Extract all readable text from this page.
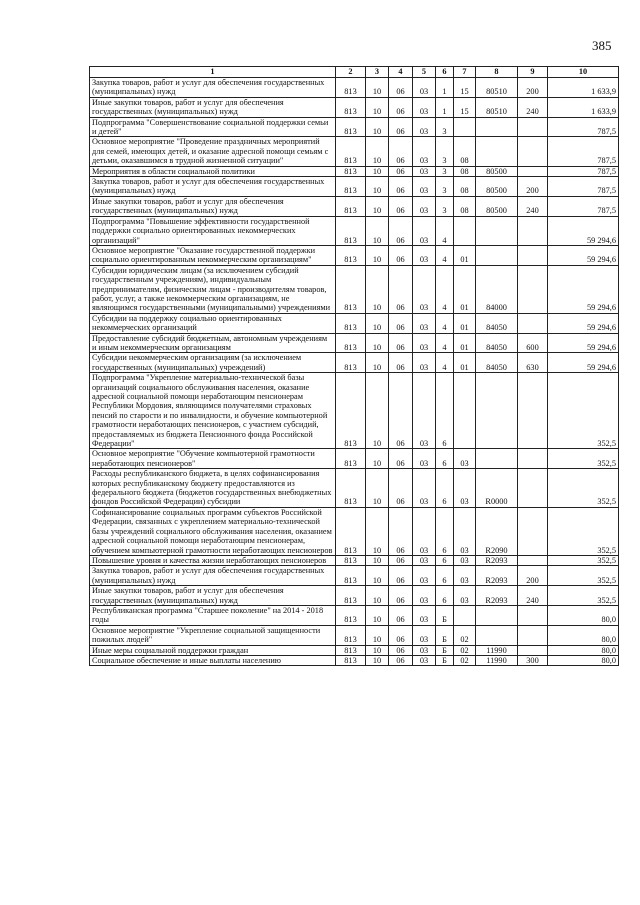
385
1	2	3	4	5	6	7	8	9	10
Закупка товаров, работ и услуг для обеспечения государственных (муниципальных) нужд	813	10	06	03	1	15	80510	200	1 633,9
Иные закупки товаров, работ и услуг для обеспечения государственных (муниципальных) нужд	813	10	06	03	1	15	80510	240	1 633,9
Подпрограмма "Совершенствование социальной поддержки семьи и детей"	813	10	06	03	3				787,5
Основное мероприятие "Проведение праздничных мероприятий для семей, имеющих детей, и оказание адресной помощи семьям с детьми, оказавшимся в трудной жизненной ситуации"	813	10	06	03	3	08			787,5
Мероприятия в области социальной политики	813	10	06	03	3	08	80500		787,5
Закупка товаров, работ и услуг для обеспечения государственных (муниципальных) нужд	813	10	06	03	3	08	80500	200	787,5
Иные закупки товаров, работ и услуг для обеспечения государственных (муниципальных) нужд	813	10	06	03	3	08	80500	240	787,5
Подпрограмма "Повышение эффективности государственной поддержки социально ориентированных некоммерческих организаций"	813	10	06	03	4				59 294,6
Основное мероприятие "Оказание государственной поддержки социально ориентированным некоммерческим организациям"	813	10	06	03	4	01			59 294,6
Субсидии юридическим лицам (за исключением субсидий государственным учреждениям), индивидуальным предпринимателям, физическим лицам - производителям товаров, работ, услуг, а также некоммерческим организациям, не являющимся государственными (муниципальными) учреждениями	813	10	06	03	4	01	84000		59 294,6
Субсидии на поддержку социально ориентированных некоммерческих организаций	813	10	06	03	4	01	84050		59 294,6
Предоставление субсидий бюджетным, автономным учреждениям и иным некоммерческим организациям	813	10	06	03	4	01	84050	600	59 294,6
Субсидии некоммерческим организациям (за исключением государственных (муниципальных) учреждений)	813	10	06	03	4	01	84050	630	59 294,6
Подпрограмма "Укрепление материально-технической базы организаций социального обслуживания населения, оказание адресной социальной помощи неработающим пенсионерам Республики Мордовия, являющимся получателями страховых пенсий по старости и по инвалидности, и обучение компьютерной грамотности неработающих пенсионеров, с участием субсидий, предоставляемых из бюджета Пенсионного фонда Российской Федерации"	813	10	06	03	6				352,5
Основное мероприятие "Обучение компьютерной грамотности неработающих пенсионеров"	813	10	06	03	6	03			352,5
Расходы республиканского бюджета, в целях софинансирования которых республиканскому бюджету предоставляются из федерального бюджета (бюджетов государственных внебюджетных фондов Российской Федерации) субсидии	813	10	06	03	6	03	R0000		352,5
Софинансирование социальных программ субъектов Российской Федерации, связанных с укреплением материально-технической базы учреждений социального обслуживания населения, оказанием адресной социальной помощи неработающим пенсионерам, обучением компьютерной грамотности неработающих пенсионеров	813	10	06	03	6	03	R2090		352,5
Повышение уровня и качества жизни неработающих пенсионеров	813	10	06	03	6	03	R2093		352,5
Закупка товаров, работ и услуг для обеспечения государственных (муниципальных) нужд	813	10	06	03	6	03	R2093	200	352,5
Иные закупки товаров, работ и услуг для обеспечения государственных (муниципальных) нужд	813	10	06	03	6	03	R2093	240	352,5
Республиканская программа "Старшее поколение" на 2014 - 2018 годы	813	10	06	03	Б				80,0
Основное мероприятие "Укрепление социальной защищенности пожилых людей"	813	10	06	03	Б	02			80,0
Иные меры социальной поддержки граждан	813	10	06	03	Б	02	11990		80,0
Социальное обеспечение и иные выплаты населению	813	10	06	03	Б	02	11990	300	80,0
